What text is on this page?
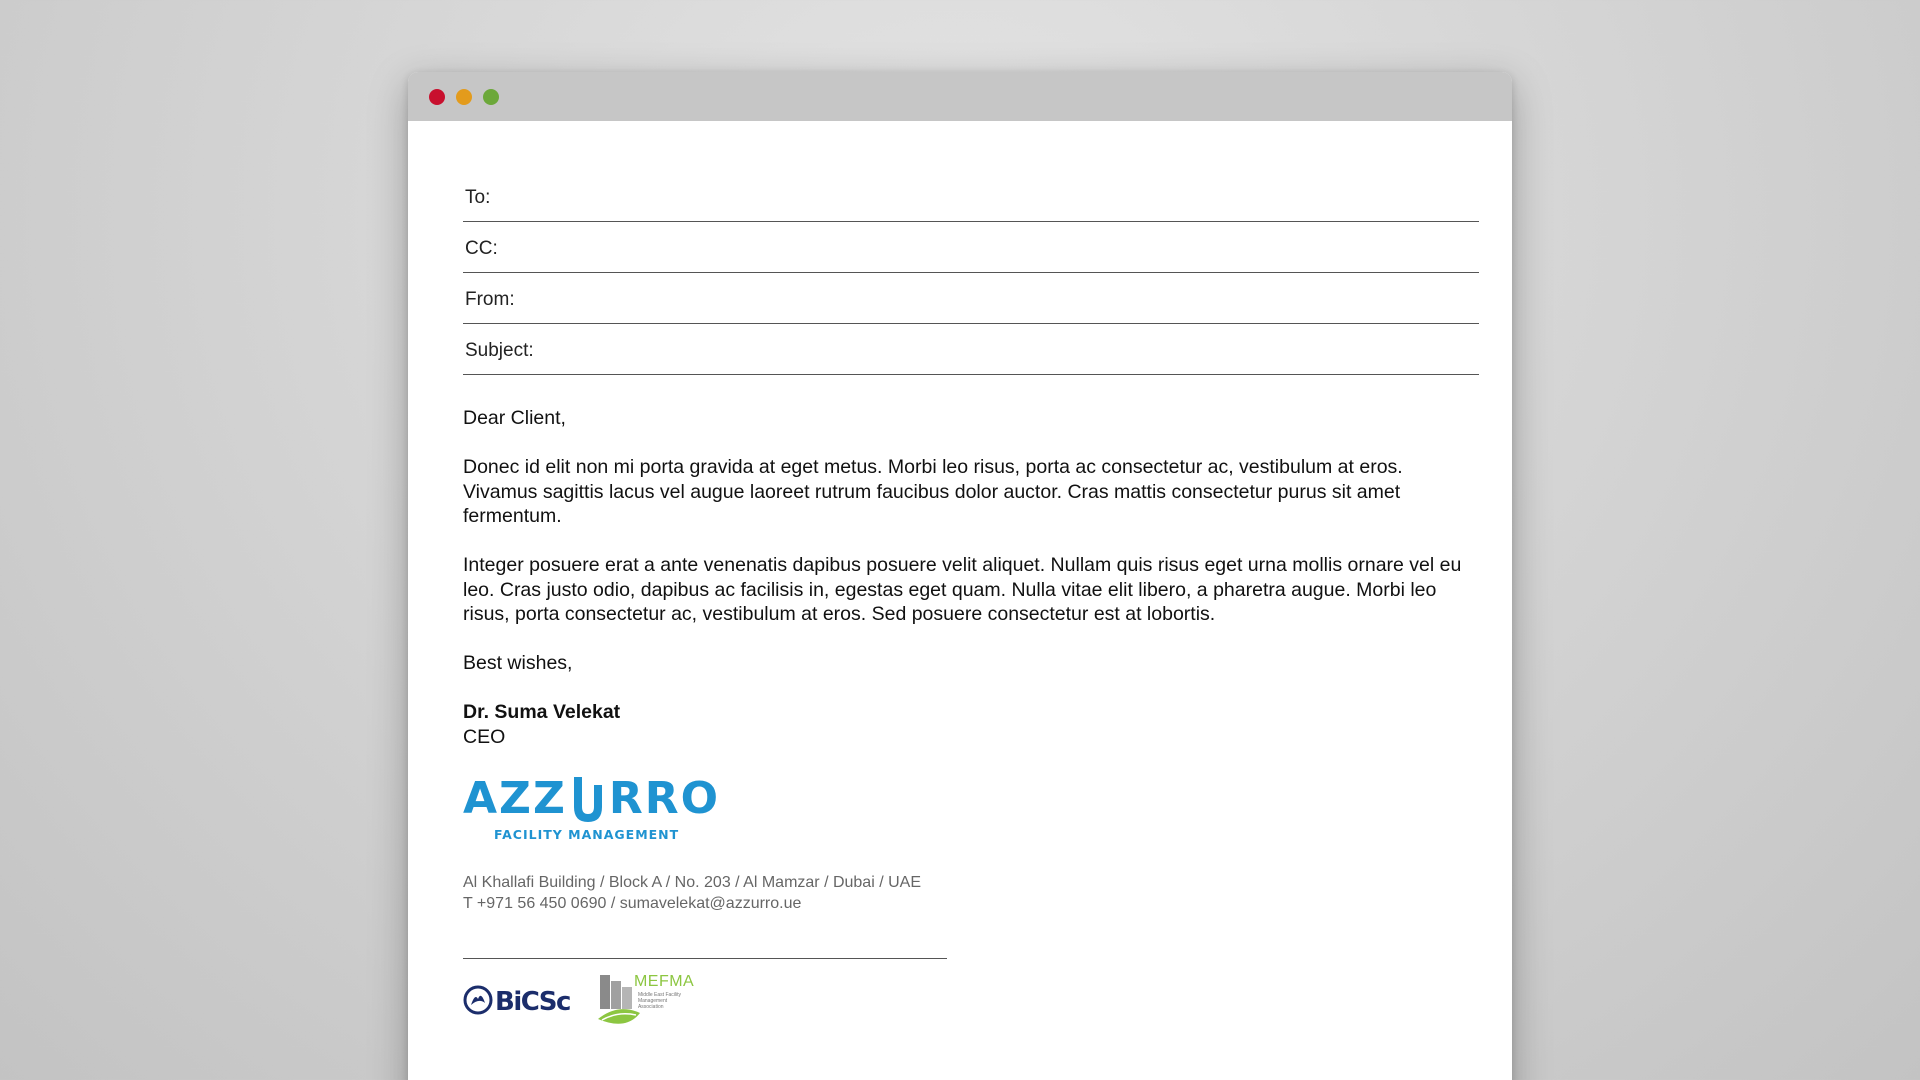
To:
CC:
From:
Subject:

Dear Client,

Donec id elit non mi porta gravida at eget metus. Morbi leo risus, porta ac consectetur ac, vestibulum at eros. Vivamus sagittis lacus vel augue laoreet rutrum faucibus dolor auctor. Cras mattis consectetur purus sit amet fermentum.

Integer posuere erat a ante venenatis dapibus posuere velit aliquet. Nullam quis risus eget urna mollis ornare vel eu leo. Cras justo odio, dapibus ac facilisis in, egestas eget quam. Nulla vitae elit libero, a pharetra augue. Morbi leo risus, porta consectetur ac, vestibulum at eros. Sed posuere consectetur est at lobortis.

Best wishes,

Dr. Suma Velekat

CEO

AZZ RRO
FACILITY MANAGEMENT
Al Khallafi Building / Block A / No. 203 / Al Mamzar / Dubai / UAE
T +971 56 450 0690 / sumavelekat@azzurro.ue
BiCSc
MEFMA
Middle East Facility Management Association
